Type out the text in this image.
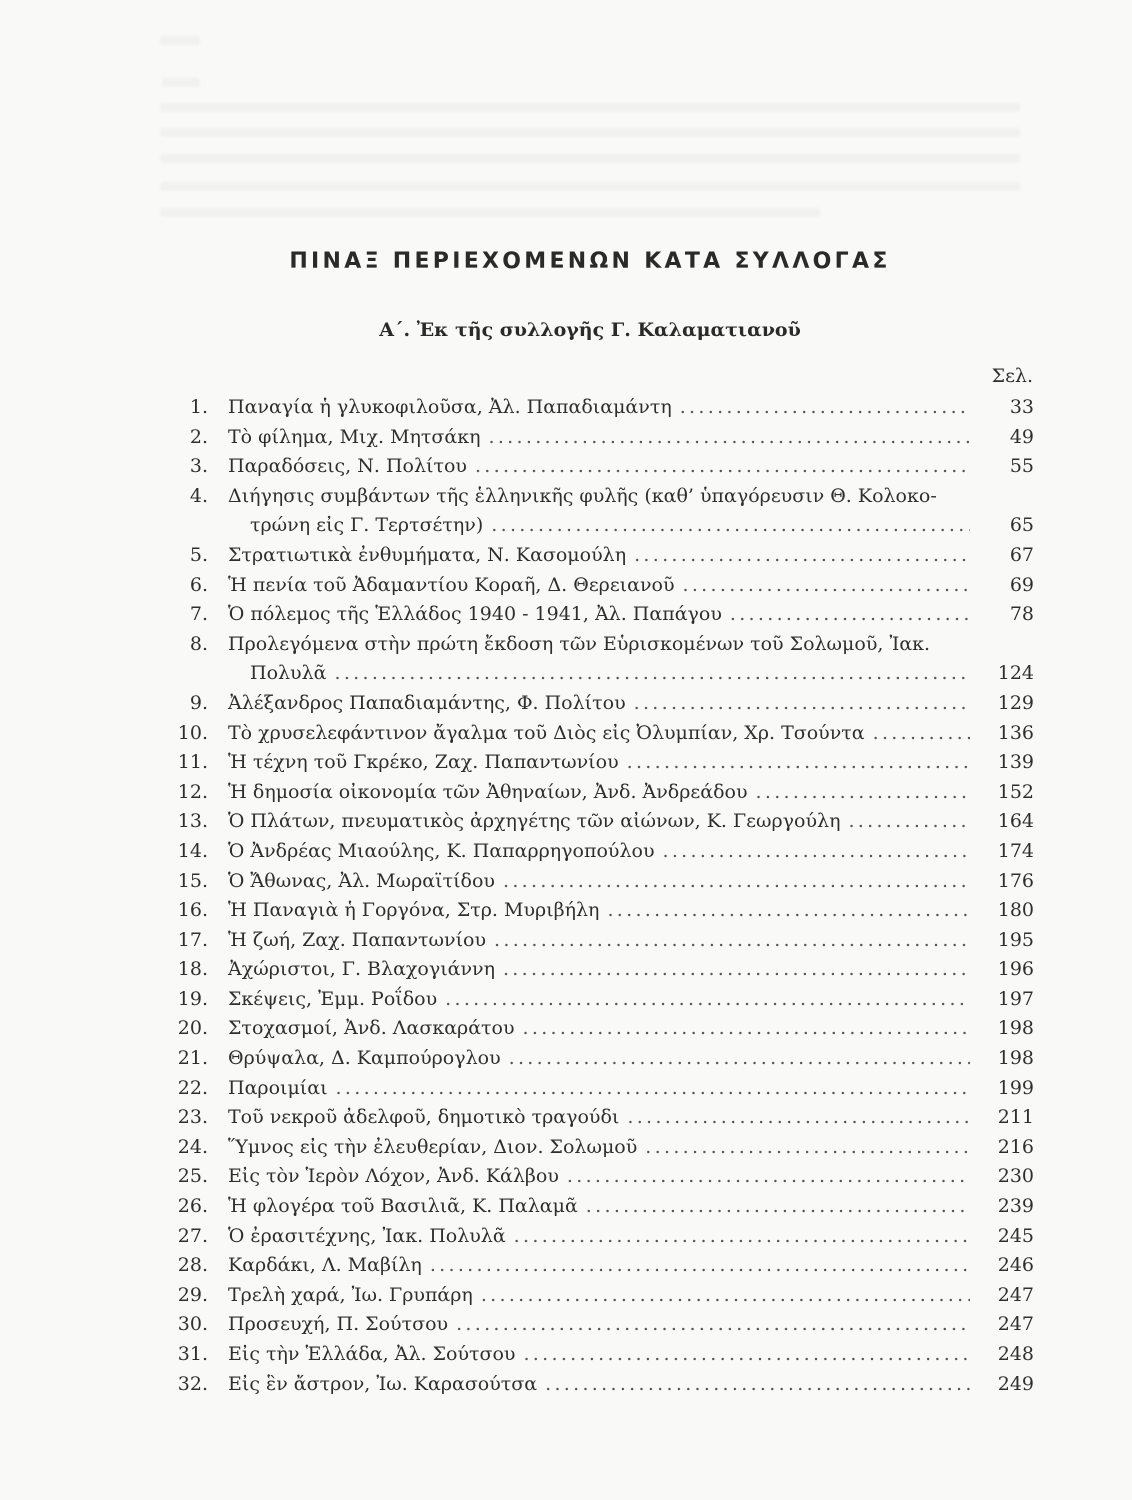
ΠΙΝΑΞ ΠΕΡΙΕΧΟΜΕΝΩΝ ΚΑΤΑ ΣΥΛΛΟΓΑΣ
Α΄. Ἐκ τῆς συλλογῆς Γ. Καλαματιανοῦ
Σελ.
1. Παναγία ἡ γλυκοφιλοῦσα, Ἀλ. Παπαδιαμάντη .....	33
2. Τὸ φίλημα, Μιχ. Μητσάκη .....	49
3. Παραδόσεις, Ν. Πολίτου .....	55
4. Διήγησις συμβάντων τῆς ἑλληνικῆς φυλῆς (καθ’ ὑπαγόρευσιν Θ. Κολοκο-
τρώνη εἰς Γ. Τερτσέτην) .....	65
5. Στρατιωτικὰ ἐνθυμήματα, Ν. Κασομούλη .....	67
6. Ἡ πενία τοῦ Ἀδαμαντίου Κοραῆ, Δ. Θερειανοῦ .....	69
7. Ὁ πόλεμος τῆς Ἑλλάδος 1940 - 1941, Ἀλ. Παπάγου .....	78
8. Προλεγόμενα στὴν πρώτη ἔκδοση τῶν Εὑρισκομένων τοῦ Σολωμοῦ, Ἰακ.
Πολυλᾶ .....	124
9. Ἀλέξανδρος Παπαδιαμάντης, Φ. Πολίτου .....	129
10. Τὸ χρυσελεφάντινον ἄγαλμα τοῦ Διὸς εἰς Ὀλυμπίαν, Χρ. Τσούντα .....	136
11. Ἡ τέχνη τοῦ Γκρέκο, Ζαχ. Παπαντωνίου .....	139
12. Ἡ δημοσία οἰκονομία τῶν Ἀθηναίων, Ἀνδ. Ἀνδρεάδου .....	152
13. Ὁ Πλάτων, πνευματικὸς ἀρχηγέτης τῶν αἰώνων, Κ. Γεωργούλη .....	164
14. Ὁ Ἀνδρέας Μιαούλης, Κ. Παπαρρηγοπούλου .....	174
15. Ὁ Ἄθωνας, Ἀλ. Μωραϊτίδου .....	176
16. Ἡ Παναγιὰ ἡ Γοργόνα, Στρ. Μυριβήλη .....	180
17. Ἡ ζωή, Ζαχ. Παπαντωνίου .....	195
18. Ἀχώριστοι, Γ. Βλαχογιάννη .....	196
19. Σκέψεις, Ἐμμ. Ροΐδου .....	197
20. Στοχασμοί, Ἀνδ. Λασκαράτου .....	198
21. Θρύψαλα, Δ. Καμπούρογλου .....	198
22. Παροιμίαι .....	199
23. Τοῦ νεκροῦ ἀδελφοῦ, δημοτικὸ τραγούδι .....	211
24. Ὕμνος εἰς τὴν ἐλευθερίαν, Διον. Σολωμοῦ .....	216
25. Εἰς τὸν Ἱερὸν Λόχον, Ἀνδ. Κάλβου .....	230
26. Ἡ φλογέρα τοῦ Βασιλιᾶ, Κ. Παλαμᾶ .....	239
27. Ὁ ἐρασιτέχνης, Ἰακ. Πολυλᾶ .....	245
28. Καρδάκι, Λ. Μαβίλη .....	246
29. Τρελὴ χαρά, Ἰω. Γρυπάρη .....	247
30. Προσευχή, Π. Σούτσου .....	247
31. Εἰς τὴν Ἑλλάδα, Ἀλ. Σούτσου .....	248
32. Εἰς ἓν ἄστρον, Ἰω. Καρασούτσα .....	249
